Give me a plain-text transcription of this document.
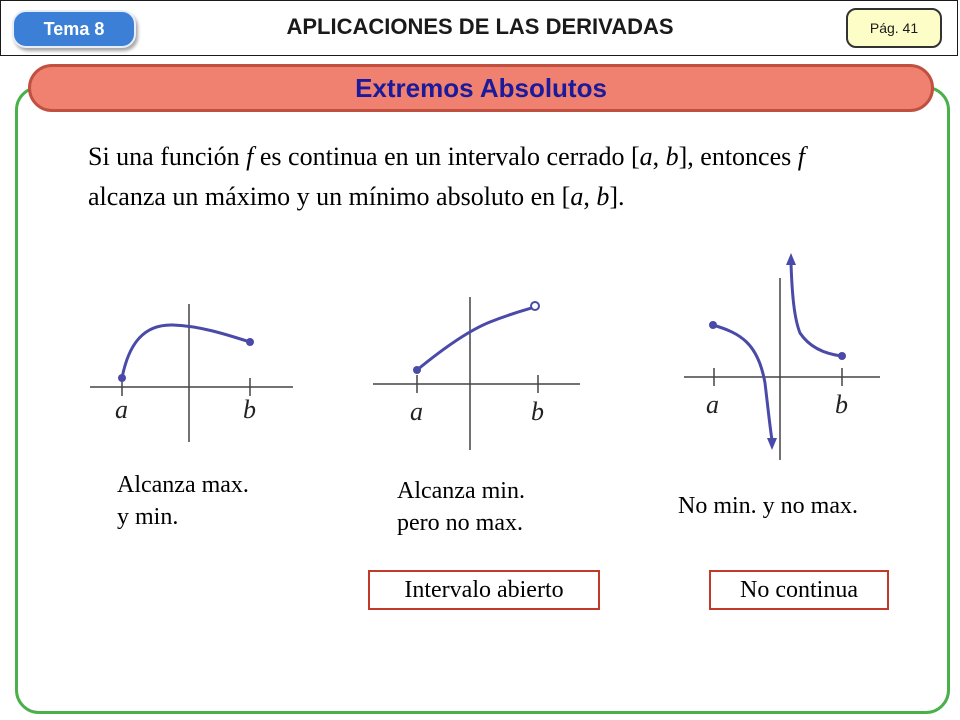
Tema 8	APLICACIONES DE LAS DERIVADAS	Pág. 41
Extremos Absolutos
Si una función f es continua en un intervalo cerrado [a, b], entonces f alcanza un máximo y un mínimo absoluto en [a, b].
a	b
Alcanza max.
y min.
a	b
Alcanza min.
pero no max.
a	b
No min. y no max.
Intervalo abierto	No continua
